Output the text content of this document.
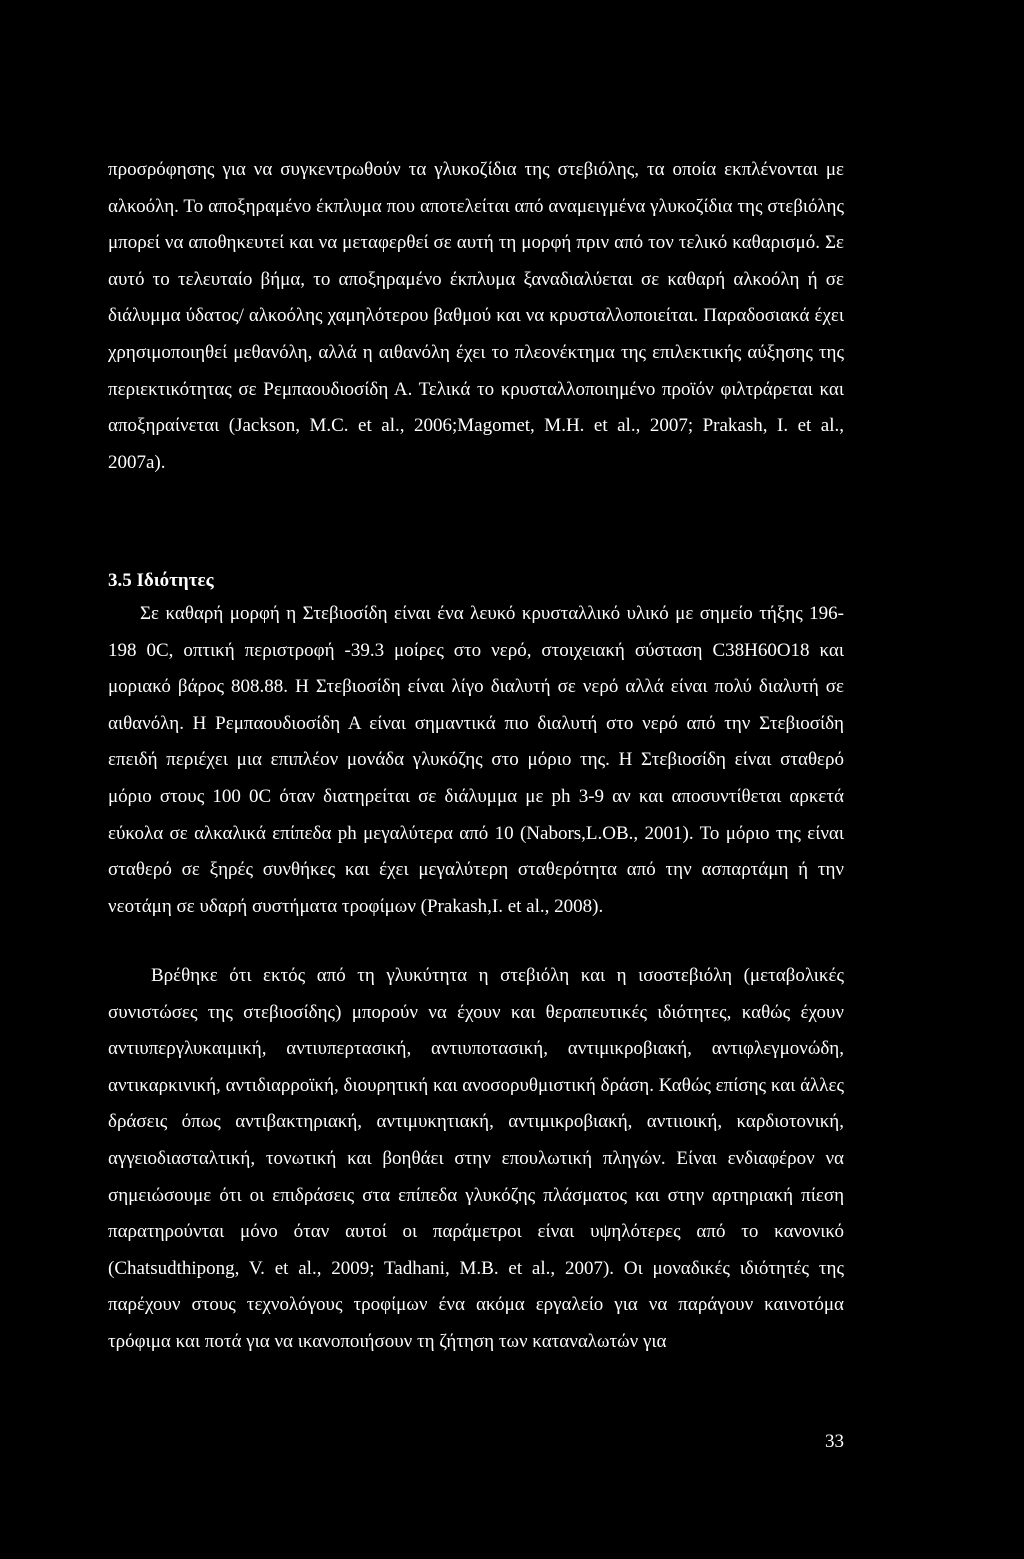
προσρόφησης για να συγκεντρωθούν τα γλυκοζίδια της στεβιόλης, τα οποία εκπλένονται με αλκοόλη. Το αποξηραμένο έκπλυμα που αποτελείται από αναμειγμένα γλυκοζίδια της στεβιόλης μπορεί να αποθηκευτεί και να μεταφερθεί σε αυτή τη μορφή πριν από τον τελικό καθαρισμό. Σε αυτό το τελευταίο βήμα, το αποξηραμένο έκπλυμα ξαναδιαλύεται σε καθαρή αλκοόλη ή σε διάλυμμα ύδατος/ αλκοόλης χαμηλότερου βαθμού και να κρυσταλλοποιείται. Παραδοσιακά έχει χρησιμοποιηθεί μεθανόλη, αλλά η αιθανόλη έχει το πλεονέκτημα της επιλεκτικής αύξησης της περιεκτικότητας σε Ρεμπαουδιοσίδη Α. Τελικά το κρυσταλλοποιημένο προϊόν φιλτράρεται και αποξηραίνεται (Jackson, M.C. et al., 2006;Magomet, M.H. et al., 2007; Prakash, I. et al., 2007a).

3.5 Ιδιότητες

Σε καθαρή μορφή η Στεβιοσίδη είναι ένα λευκό κρυσταλλικό υλικό με σημείο τήξης 196-198 0C, οπτική περιστροφή -39.3 μοίρες στο νερό, στοιχειακή σύσταση C38H60O18 και μοριακό βάρος 808.88. Η Στεβιοσίδη είναι λίγο διαλυτή σε νερό αλλά είναι πολύ διαλυτή σε αιθανόλη. Η Ρεμπαουδιοσίδη Α είναι σημαντικά πιο διαλυτή στο νερό από την Στεβιοσίδη επειδή περιέχει μια επιπλέον μονάδα γλυκόζης στο μόριο της. Η Στεβιοσίδη είναι σταθερό μόριο στους 100 0C όταν διατηρείται σε διάλυμμα με ph 3-9 αν και αποσυντίθεται αρκετά εύκολα σε αλκαλικά επίπεδα ph μεγαλύτερα από 10 (Nabors,L.OB., 2001). Το μόριο της είναι σταθερό σε ξηρές συνθήκες και έχει μεγαλύτερη σταθερότητα από την ασπαρτάμη ή την νεοτάμη σε υδαρή συστήματα τροφίμων (Prakash,I. et al., 2008).

Βρέθηκε ότι εκτός από τη γλυκύτητα η στεβιόλη και η ισοστεβιόλη (μεταβολικές συνιστώσες της στεβιοσίδης) μπορούν να έχουν και θεραπευτικές ιδιότητες, καθώς έχουν αντιυπεργλυκαιμική, αντιυπερτασική, αντιυποτασική, αντιμικροβιακή, αντιφλεγμονώδη, αντικαρκινική, αντιδιαρροϊκή, διουρητική και ανοσορυθμιστική δράση. Καθώς επίσης και άλλες δράσεις όπως αντιβακτηριακή, αντιμυκητιακή, αντιμικροβιακή, αντιιοική, καρδιοτονική, αγγειοδιασταλτική, τονωτική και βοηθάει στην επουλωτική πληγών. Είναι ενδιαφέρον να σημειώσουμε ότι οι επιδράσεις στα επίπεδα γλυκόζης πλάσματος και στην αρτηριακή πίεση παρατηρούνται μόνο όταν αυτοί οι παράμετροι είναι υψηλότερες από το κανονικό (Chatsudthipong, V. et al., 2009; Tadhani, M.B. et al., 2007). Οι μοναδικές ιδιότητές της παρέχουν στους τεχνολόγους τροφίμων ένα ακόμα εργαλείο για να παράγουν καινοτόμα τρόφιμα και ποτά για να ικανοποιήσουν τη ζήτηση των καταναλωτών για

33
